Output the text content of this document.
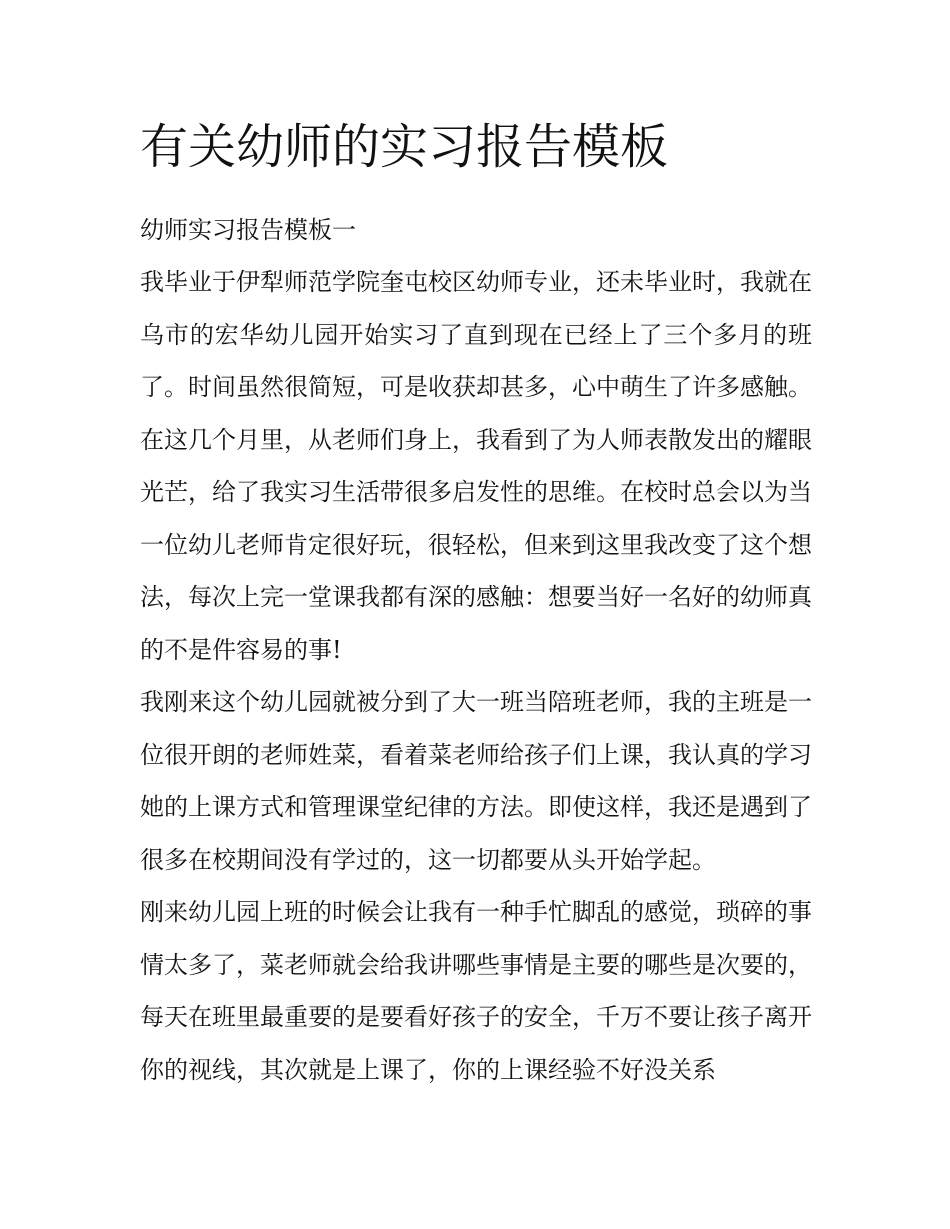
有关幼师的实习报告模板

幼师实习报告模板一

我毕业于伊犁师范学院奎屯校区幼师专业，还未毕业时，我就在乌市的宏华幼儿园开始实习了直到现在已经上了三个多月的班了。时间虽然很简短，可是收获却甚多，心中萌生了许多感触。

在这几个月里，从老师们身上，我看到了为人师表散发出的耀眼光芒，给了我实习生活带很多启发性的思维。在校时总会以为当一位幼儿老师肯定很好玩，很轻松，但来到这里我改变了这个想法，每次上完一堂课我都有深的感触：想要当好一名好的幼师真的不是件容易的事!

我刚来这个幼儿园就被分到了大一班当陪班老师，我的主班是一位很开朗的老师姓菜，看着菜老师给孩子们上课，我认真的学习她的上课方式和管理课堂纪律的方法。即使这样，我还是遇到了很多在校期间没有学过的，这一切都要从头开始学起。

刚来幼儿园上班的时候会让我有一种手忙脚乱的感觉，琐碎的事情太多了，菜老师就会给我讲哪些事情是主要的哪些是次要的，每天在班里最重要的是要看好孩子的安全，千万不要让孩子离开你的视线，其次就是上课了，你的上课经验不好没关系
